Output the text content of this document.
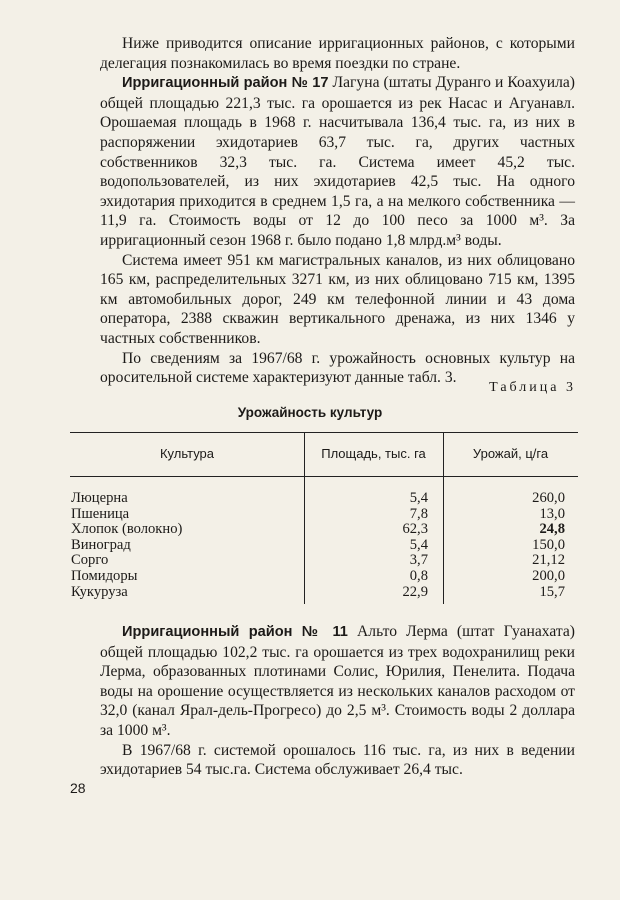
Ниже приводится описание ирригационных районов, с которыми делегация познакомилась во время поездки по стране.

Ирригационный район № 17 Лагуна (штаты Дуранго и Коахуила) общей площадью 221,3 тыс. га орошается из рек Насас и Агуанавл. Орошаемая площадь в 1968 г. насчитывала 136,4 тыс. га, из них в распоряжении эхидотариев 63,7 тыс. га, других частных собственников 32,3 тыс. га. Система имеет 45,2 тыс. водопользователей, из них эхидотариев 42,5 тыс. На одного эхидотария приходится в среднем 1,5 га, а на мелкого собственника — 11,9 га. Стоимость воды от 12 до 100 песо за 1000 м³. За ирригационный сезон 1968 г. было подано 1,8 млрд.м³ воды.

Система имеет 951 км магистральных каналов, из них облицовано 165 км, распределительных 3271 км, из них облицовано 715 км, 1395 км автомобильных дорог, 249 км телефонной линии и 43 дома оператора, 2388 скважин вертикального дренажа, из них 1346 у частных собственников.

По сведениям за 1967/68 г. урожайность основных культур на оросительной системе характеризуют данные табл. 3.

Таблица 3
Урожайность культур
Культура	Площадь, тыс. га	Урожай, ц/га
Люцерна	5,4	260,0
Пшеница	7,8	13,0
Хлопок (волокно)	62,3	24,8
Виноград	5,4	150,0
Сорго	3,7	21,12
Помидоры	0,8	200,0
Кукуруза	22,9	15,7

Ирригационный район № 11 Альто Лерма (штат Гуанахата) общей площадью 102,2 тыс. га орошается из трех водохранилищ реки Лерма, образованных плотинами Солис, Юрилия, Пенелита. Подача воды на орошение осуществляется из нескольких каналов расходом от 32,0 (канал Ярал-дель-Прогресо) до 2,5 м³. Стоимость воды 2 доллара за 1000 м³.

В 1967/68 г. системой орошалось 116 тыс. га, из них в ведении эхидотариев 54 тыс.га. Система обслуживает 26,4 тыс.

28
